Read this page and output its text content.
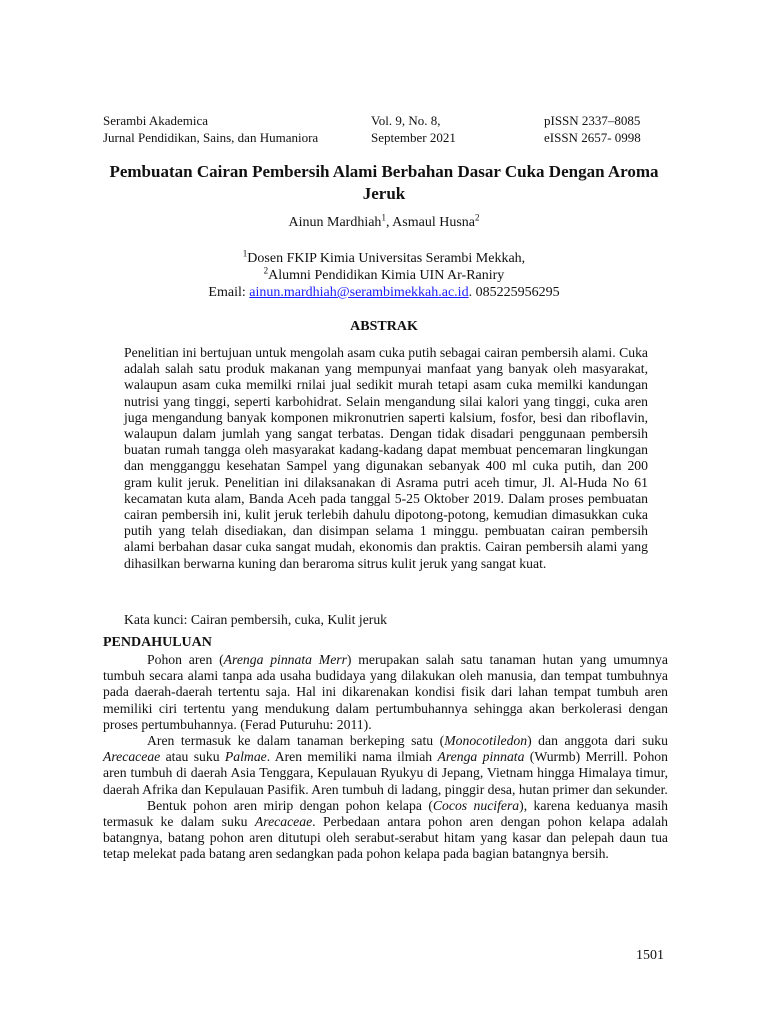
Serambi Akademica
Jurnal Pendidikan, Sains, dan Humaniora
Vol. 9, No. 8,
September 2021
pISSN 2337–8085
eISSN 2657- 0998
Pembuatan Cairan Pembersih Alami Berbahan Dasar Cuka Dengan Aroma Jeruk
Ainun Mardhiah$^1$, Asmaul Husna$^2$
$^1$Dosen FKIP Kimia Universitas Serambi Mekkah,
$^2$Alumni Pendidikan Kimia UIN Ar-Raniry
Email: ainun.mardhiah@serambimekkah.ac.id. 085225956295
ABSTRAK
Penelitian ini bertujuan untuk mengolah asam cuka putih sebagai cairan pembersih alami. Cuka adalah salah satu produk makanan yang mempunyai manfaat yang banyak oleh masyarakat, walaupun asam cuka memilki rnilai jual sedikit murah tetapi asam cuka memilki kandungan nutrisi yang tinggi, seperti karbohidrat. Selain mengandung silai kalori yang tinggi, cuka aren juga mengandung banyak komponen mikronutrien saperti kalsium, fosfor, besi dan riboflavin, walaupun dalam jumlah yang sangat terbatas. Dengan tidak disadari penggunaan pembersih buatan rumah tangga oleh masyarakat kadang-kadang dapat membuat pencemaran lingkungan dan mengganggu kesehatan Sampel yang digunakan sebanyak 400 ml cuka putih, dan 200 gram kulit jeruk. Penelitian ini dilaksanakan di Asrama putri aceh timur, Jl. Al-Huda No 61 kecamatan kuta alam, Banda Aceh pada tanggal 5-25 Oktober 2019. Dalam proses pembuatan cairan pembersih ini, kulit jeruk terlebih dahulu dipotong-potong, kemudian dimasukkan cuka putih yang telah disediakan, dan disimpan selama 1 minggu. pembuatan cairan pembersih alami berbahan dasar cuka sangat mudah, ekonomis dan praktis. Cairan pembersih alami yang dihasilkan berwarna kuning dan beraroma sitrus kulit jeruk yang sangat kuat.
Kata kunci: Cairan pembersih, cuka, Kulit jeruk
PENDAHULUAN

Pohon aren (Arenga pinnata Merr) merupakan salah satu tanaman hutan yang umumnya tumbuh secara alami tanpa ada usaha budidaya yang dilakukan oleh manusia, dan tempat tumbuhnya pada daerah-daerah tertentu saja. Hal ini dikarenakan kondisi fisik dari lahan tempat tumbuh aren memiliki ciri tertentu yang mendukung dalam pertumbuhannya sehingga akan berkolerasi dengan proses pertumbuhannya. (Ferad Puturuhu: 2011).

Aren termasuk ke dalam tanaman berkeping satu (Monocotiledon) dan anggota dari suku Arecaceae atau suku Palmae. Aren memiliki nama ilmiah Arenga pinnata (Wurmb) Merrill. Pohon aren tumbuh di daerah Asia Tenggara, Kepulauan Ryukyu di Jepang, Vietnam hingga Himalaya timur, daerah Afrika dan Kepulauan Pasifik. Aren tumbuh di ladang, pinggir desa, hutan primer dan sekunder.

Bentuk pohon aren mirip dengan pohon kelapa (Cocos nucifera), karena keduanya masih termasuk ke dalam suku Arecaceae. Perbedaan antara pohon aren dengan pohon kelapa adalah batangnya, batang pohon aren ditutupi oleh serabut-serabut hitam yang kasar dan pelepah daun tua tetap melekat pada batang aren sedangkan pada pohon kelapa pada bagian batangnya bersih.

1501
